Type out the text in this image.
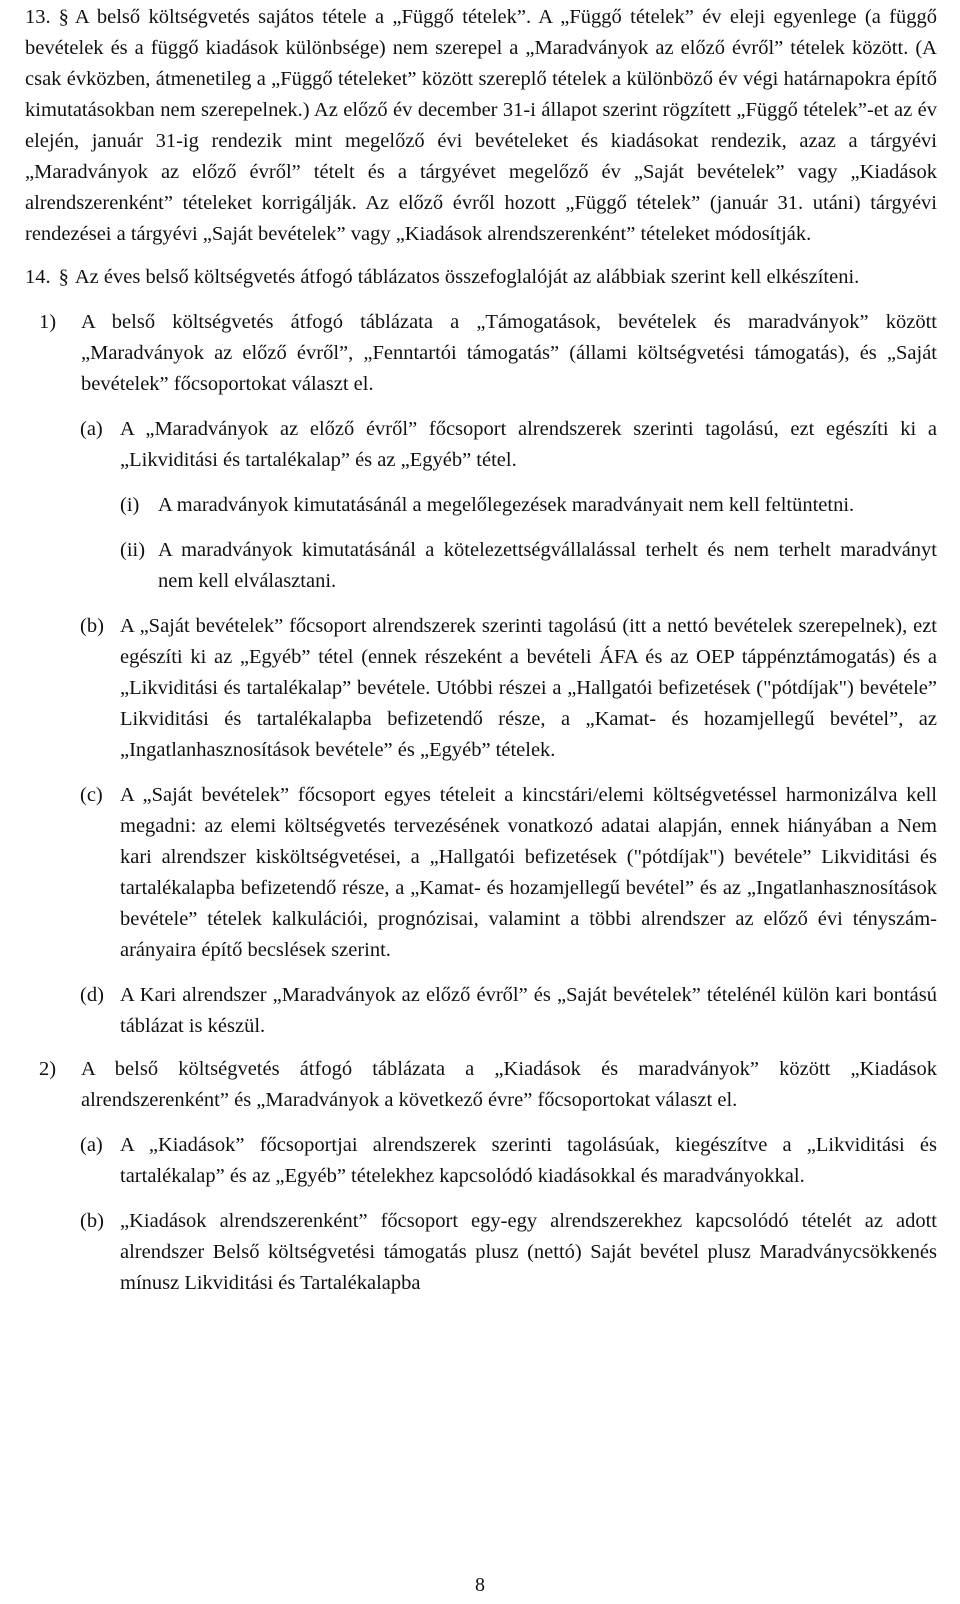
13. § A belső költségvetés sajátos tétele a „Függő tételek”. A „Függő tételek” év eleji egyenlege (a függő bevételek és a függő kiadások különbsége) nem szerepel a „Maradványok az előző évről” tételek között. (A csak évközben, átmenetileg a „Függő tételeket” között szereplő tételek a különböző év végi határnapokra építő kimutatásokban nem szerepelnek.) Az előző év december 31-i állapot szerint rögzített „Függő tételek”-et az év elején, január 31-ig rendezik mint megelőző évi bevételeket és kiadásokat rendezik, azaz a tárgyévi „Maradványok az előző évről” tételt és a tárgyévet megelőző év „Saját bevételek” vagy „Kiadások alrendszerenként” tételeket korrigálják. Az előző évről hozott „Függő tételek” (január 31. utáni) tárgyévi rendezései a tárgyévi „Saját bevételek” vagy „Kiadások alrendszerenként” tételeket módosítják.

14. § Az éves belső költségvetés átfogó táblázatos összefoglalóját az alábbiak szerint kell elkészíteni.

1)	A belső költségvetés átfogó táblázata a „Támogatások, bevételek és maradványok” között „Maradványok az előző évről”, „Fenntartói támogatás” (állami költségvetési támogatás), és „Saját bevételek” főcsoportokat választ el.
(a) A „Maradványok az előző évről” főcsoport alrendszerek szerinti tagolású, ezt egészíti ki a „Likviditási és tartalékalap” és az „Egyéb” tétel.
(i) A maradványok kimutatásánál a megelőlegezések maradványait nem kell feltüntetni.
(ii) A maradványok kimutatásánál a kötelezettségvállalással terhelt és nem terhelt maradványt nem kell elválasztani.
(b) A „Saját bevételek” főcsoport alrendszerek szerinti tagolású (itt a nettó bevételek szerepelnek), ezt egészíti ki az „Egyéb” tétel (ennek részeként a bevételi ÁFA és az OEP táppénztámogatás) és a „Likviditási és tartalékalap” bevétele. Utóbbi részei a „Hallgatói befizetések ("pótdíjak") bevétele” Likviditási és tartalékalapba befizetendő része, a „Kamat- és hozamjellegű bevétel”, az „Ingatlanhasznosítások bevétele” és „Egyéb” tételek.
(c) A „Saját bevételek” főcsoport egyes tételeit a kincstári/elemi költségvetéssel harmonizálva kell megadni: az elemi költségvetés tervezésének vonatkozó adatai alapján, ennek hiányában a Nem kari alrendszer kisköltségvetései, a „Hallgatói befizetések ("pótdíjak") bevétele” Likviditási és tartalékalapba befizetendő része, a „Kamat- és hozamjellegű bevétel” és az „Ingatlanhasznosítások bevétele” tételek kalkulációi, prognózisai, valamint a többi alrendszer az előző évi tényszám-arányaira építő becslések szerint.
(d) A Kari alrendszer „Maradványok az előző évről” és „Saját bevételek” tételénél külön kari bontású táblázat is készül.
2)	A belső költségvetés átfogó táblázata a „Kiadások és maradványok” között „Kiadások alrendszerenként” és „Maradványok a következő évre” főcsoportokat választ el.
(a) A „Kiadások” főcsoportjai alrendszerek szerinti tagolásúak, kiegészítve a „Likviditási és tartalékalap” és az „Egyéb” tételekhez kapcsolódó kiadásokkal és maradványokkal.
(b) „Kiadások alrendszerenként” főcsoport egy-egy alrendszerekhez kapcsolódó tételét az adott alrendszer Belső költségvetési támogatás plusz (nettó) Saját bevétel plusz Maradványcsökkenés mínusz Likviditási és Tartalékalapba
8
